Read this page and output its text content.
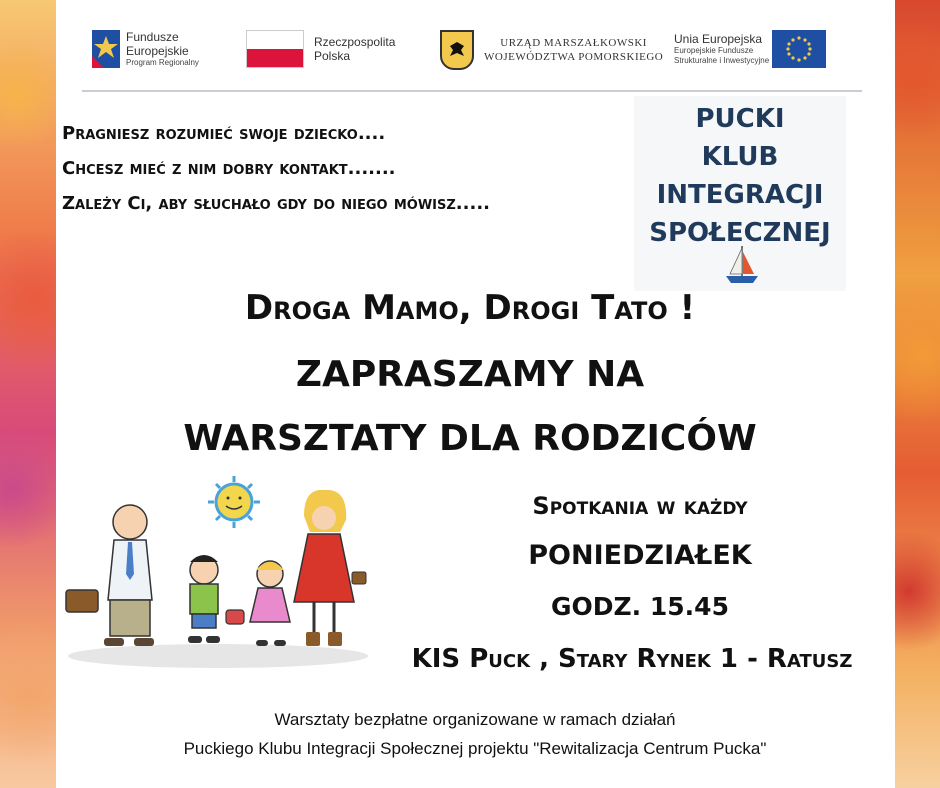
Fundusze
Europejskie
Program Regionalny
Rzeczpospolita
Polska
URZĄD MARSZAŁKOWSKI
WOJEWÓDZTWA POMORSKIEGO
Unia Europejska
Europejskie Fundusze
Strukturalne i Inwestycyjne
Pragniesz rozumieć swoje dziecko....
Chcesz mieć z nim dobry kontakt.......
Zależy Ci, aby słuchało gdy do niego mówisz.....
PUCKI
KLUB
INTEGRACJI
SPOŁECZNEJ
Droga Mamo, Drogi Tato !
ZAPRASZAMY NA
WARSZTATY DLA RODZICÓW
Spotkania w każdy
PONIEDZIAŁEK
GODZ. 15.45
KIS Puck , Stary Rynek 1 - Ratusz
Warsztaty bezpłatne organizowane w ramach działań
Puckiego Klubu Integracji Społecznej projektu "Rewitalizacja Centrum Pucka"
